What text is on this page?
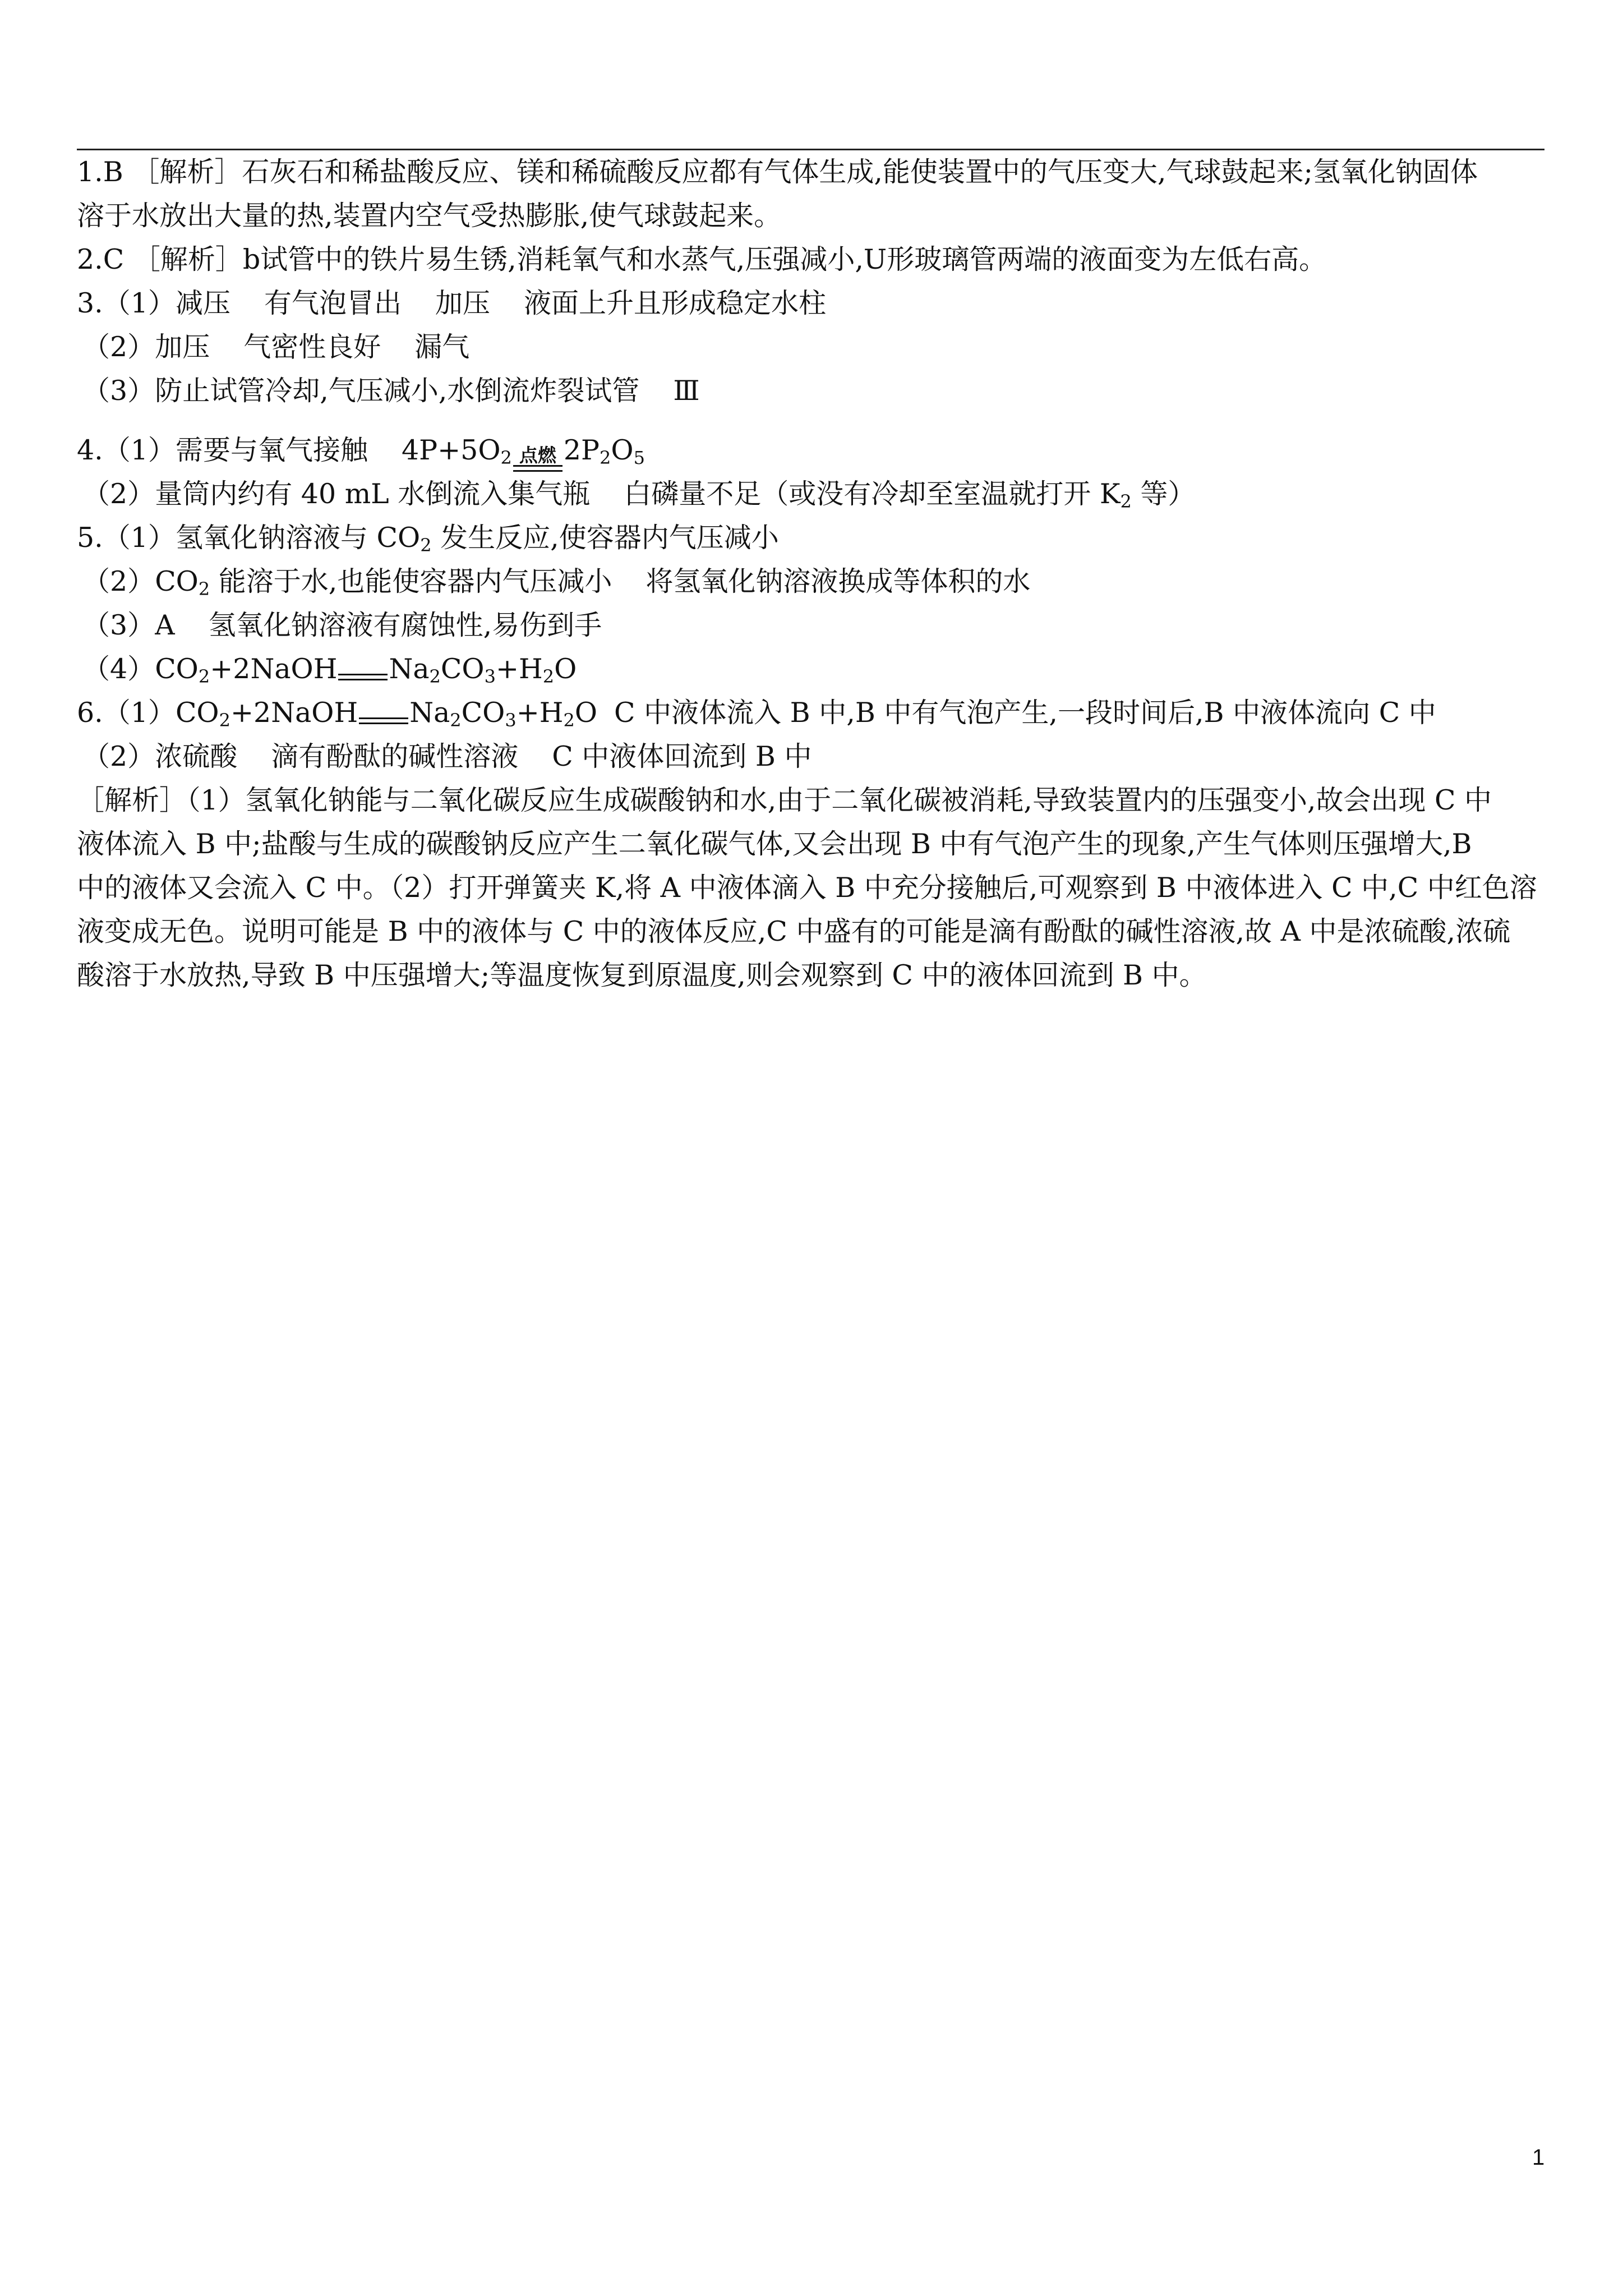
1.B ［解析］石灰石和稀盐酸反应、镁和稀硫酸反应都有气体生成,能使装置中的气压变大,气球鼓起来;氢氧化钠固体
溶于水放出大量的热,装置内空气受热膨胀,使气球鼓起来。
2.C ［解析］b试管中的铁片易生锈,消耗氧气和水蒸气,压强减小,U形玻璃管两端的液面变为左低右高。
3.（1）减压 有气泡冒出 加压 液面上升且形成稳定水柱
（2）加压 气密性良好 漏气
（3）防止试管冷却,气压减小,水倒流炸裂试管 Ⅲ
4.（1）需要与氧气接触 $4P+5O_2$ 点燃 $2P_2O_5$
（2）量筒内约有 40 mL 水倒流入集气瓶 白磷量不足（或没有冷却至室温就打开 $K_2$ 等）
5.（1）氢氧化钠溶液与 $CO_2$ 发生反应,使容器内气压减小
$(2)CO_2$ 能溶于水,也能使容器内气压减小 将氢氧化钠溶液换成等体积的水
（3）A 氢氧化钠溶液有腐蚀性,易伤到手
$(4)CO_2+2NaOH$ $Na_2CO_3+H_2O$
$6.(1)CO_2+2NaOH$ $Na_2CO_3+H_2O$ C 中液体流入 B 中,B 中有气泡产生,一段时间后,B 中液体流向 C 中
（2）浓硫酸 滴有酚酞的碱性溶液 C 中液体回流到 B 中
［解析］（1）氢氧化钠能与二氧化碳反应生成碳酸钠和水,由于二氧化碳被消耗,导致装置内的压强变小,故会出现 C 中
液体流入 B 中;盐酸与生成的碳酸钠反应产生二氧化碳气体,又会出现 B 中有气泡产生的现象,产生气体则压强增大,B
中的液体又会流入 C 中。（2）打开弹簧夹 K,将 A 中液体滴入 B 中充分接触后,可观察到 B 中液体进入 C 中,C 中红色溶
液变成无色。说明可能是 B 中的液体与 C 中的液体反应,C 中盛有的可能是滴有酚酞的碱性溶液,故 A 中是浓硫酸,浓硫
酸溶于水放热,导致 B 中压强增大;等温度恢复到原温度,则会观察到 C 中的液体回流到 B 中。
1
